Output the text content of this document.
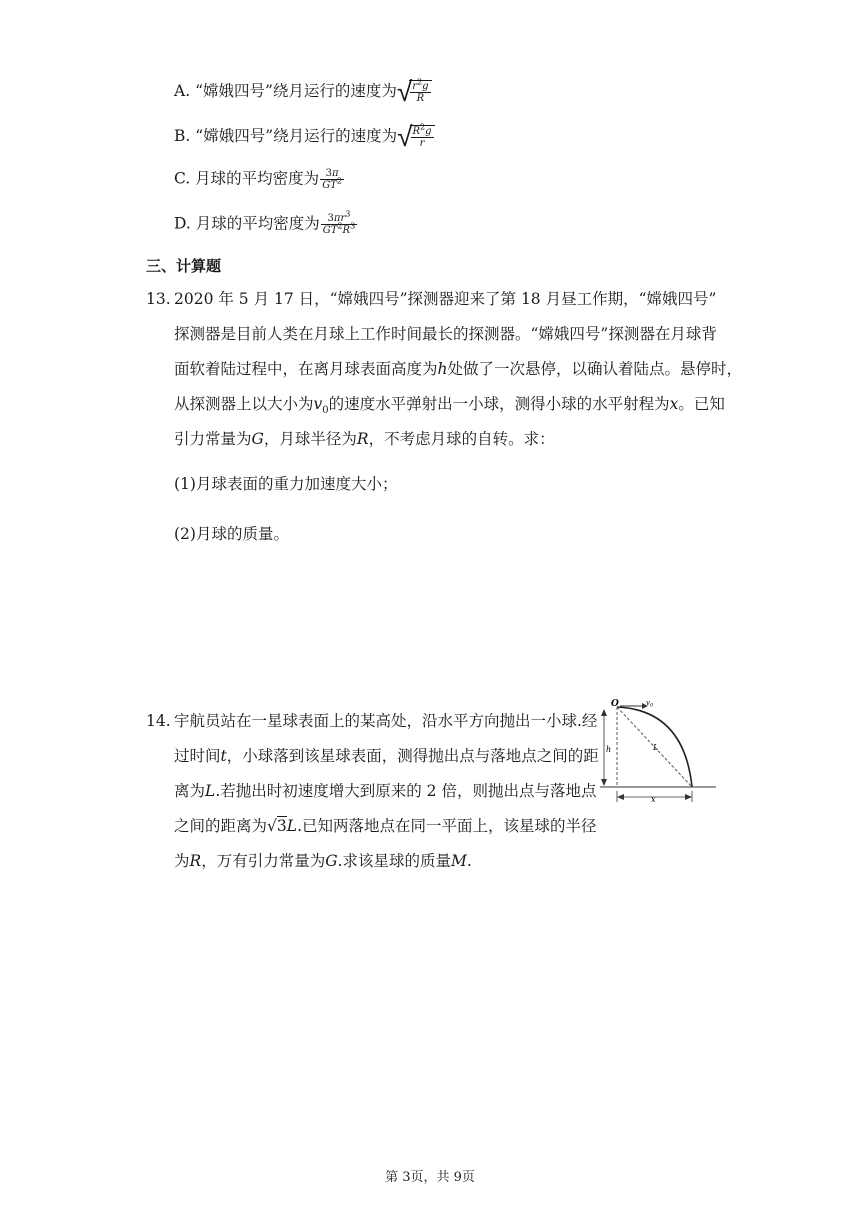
A. “嫦娥四号”绕月运行的速度为√
$\frac{r^2g}{R}$
B. “嫦娥四号”绕月运行的速度为√
$\frac{R^2g}{r}$
C. 月球的平均密度为 $\frac{3\pi}{GT^2}$
D. 月球的平均密度为 $\frac{3\pi r^3}{GT^2R^3}$
三、计算题
13. 2020 年 5 月 17 日，“嫦娥四号”探测器迎来了第 18 月昼工作期，“嫦娥四号”
探测器是目前人类在月球上工作时间最长的探测器。“嫦娥四号”探测器在月球背
面软着陆过程中，在离月球表面高度为h处做了一次悬停，以确认着陆点。悬停时，
从探测器上以大小为$v_0$的速度水平弹射出一小球，测得小球的水平射程为x。已知
引力常量为G，月球半径为R，不考虑月球的自转。求：
(1)月球表面的重力加速度大小；
(2)月球的质量。
14. 宇航员站在一星球表面上的某高处，沿水平方向抛出一小球.经
过时间t，小球落到该星球表面，测得抛出点与落地点之间的距
离为L.若抛出时初速度增大到原来的 2 倍，则抛出点与落地点
之间的距离为√3L.已知两落地点在同一平面上，该星球的半径
为R，万有引力常量为G.求该星球的质量M.
O	$v_0$
h	L
x
第 3页，共 9页
